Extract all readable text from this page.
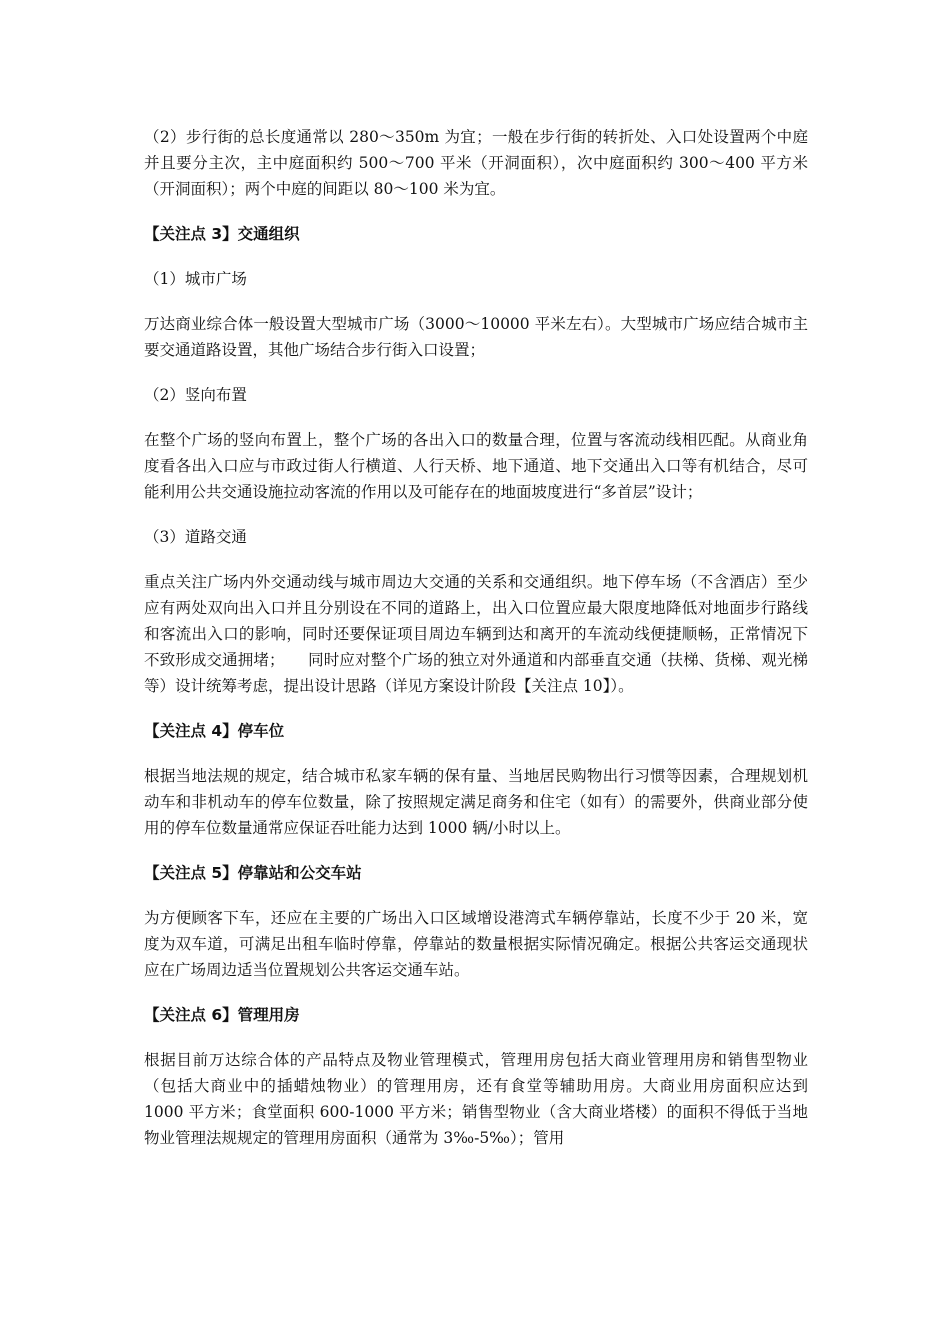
（2）步行街的总长度通常以 280～350m 为宜；一般在步行街的转折处、入口处设置两个中庭并且要分主次，主中庭面积约 500～700 平米（开洞面积），次中庭面积约 300～400 平方米（开洞面积）；两个中庭的间距以 80～100 米为宜。

【关注点 3】交通组织

（1）城市广场

万达商业综合体一般设置大型城市广场（3000～10000 平米左右）。大型城市广场应结合城市主要交通道路设置，其他广场结合步行街入口设置；

（2）竖向布置

在整个广场的竖向布置上，整个广场的各出入口的数量合理，位置与客流动线相匹配。从商业角度看各出入口应与市政过街人行横道、人行天桥、地下通道、地下交通出入口等有机结合，尽可能利用公共交通设施拉动客流的作用以及可能存在的地面坡度进行“多首层”设计；

（3）道路交通

重点关注广场内外交通动线与城市周边大交通的关系和交通组织。地下停车场（不含酒店）至少应有两处双向出入口并且分别设在不同的道路上，出入口位置应最大限度地降低对地面步行路线和客流出入口的影响，同时还要保证项目周边车辆到达和离开的车流动线便捷顺畅，正常情况下不致形成交通拥堵；　　同时应对整个广场的独立对外通道和内部垂直交通（扶梯、货梯、观光梯等）设计统筹考虑，提出设计思路（详见方案设计阶段【关注点 10】）。

【关注点 4】停车位

根据当地法规的规定，结合城市私家车辆的保有量、当地居民购物出行习惯等因素，合理规划机动车和非机动车的停车位数量，除了按照规定满足商务和住宅（如有）的需要外，供商业部分使用的停车位数量通常应保证吞吐能力达到 1000 辆/小时以上。

【关注点 5】停靠站和公交车站

为方便顾客下车，还应在主要的广场出入口区域增设港湾式车辆停靠站，长度不少于 20 米，宽度为双车道，可满足出租车临时停靠，停靠站的数量根据实际情况确定。根据公共客运交通现状应在广场周边适当位置规划公共客运交通车站。

【关注点 6】管理用房

根据目前万达综合体的产品特点及物业管理模式，管理用房包括大商业管理用房和销售型物业（包括大商业中的插蜡烛物业）的管理用房，还有食堂等辅助用房。大商业用房面积应达到 1000 平方米；食堂面积 600-1000 平方米；销售型物业（含大商业塔楼）的面积不得低于当地物业管理法规规定的管理用房面积（通常为 3‰-5‰）；管用
